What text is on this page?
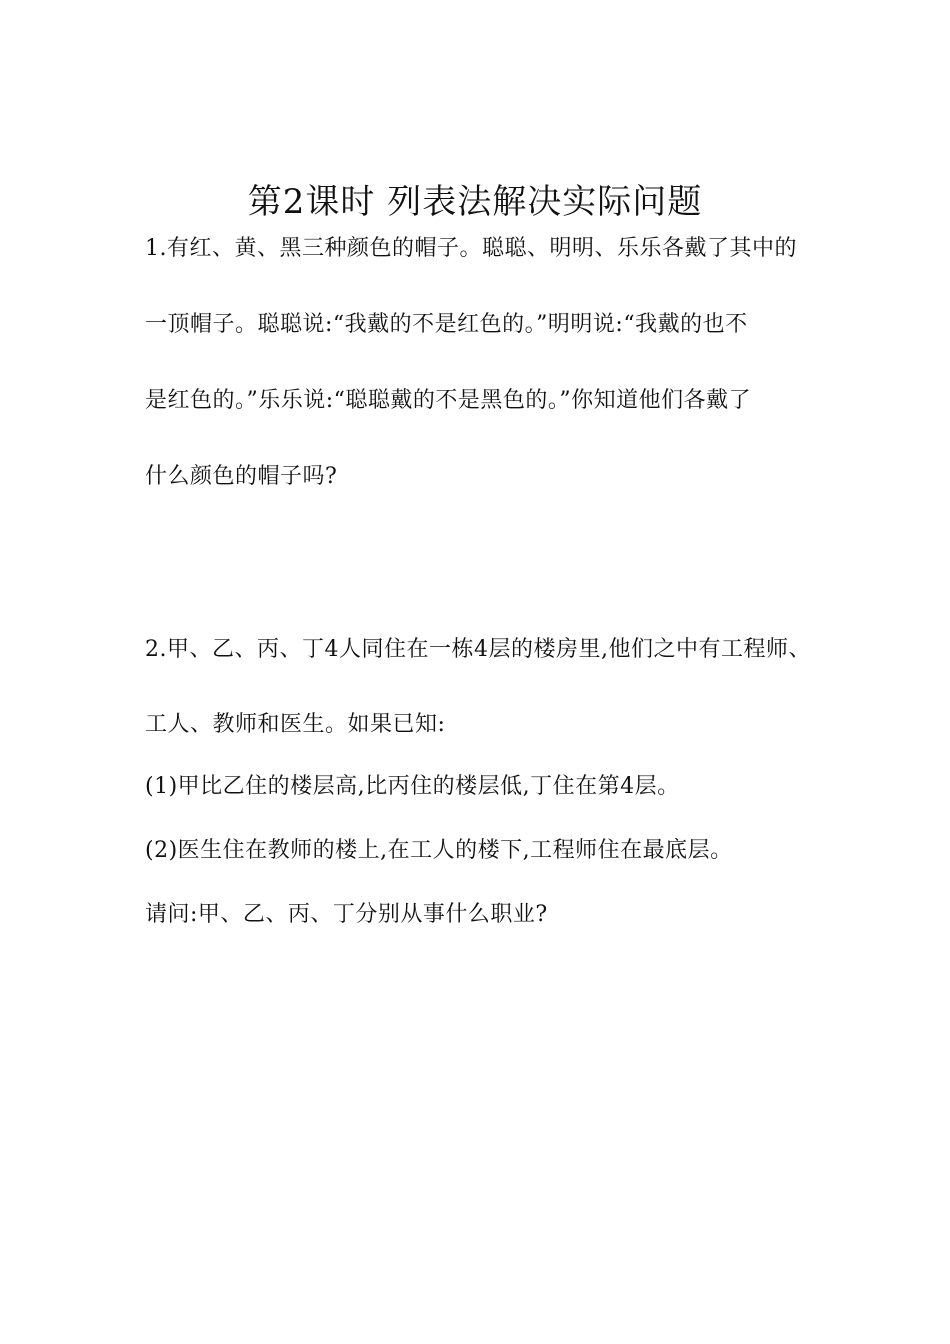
第2课时 列表法解决实际问题
1.有红、黄、黑三种颜色的帽子。聪聪、明明、乐乐各戴了其中的
一顶帽子。聪聪说:“我戴的不是红色的。”明明说:“我戴的也不
是红色的。”乐乐说:“聪聪戴的不是黑色的。”你知道他们各戴了
什么颜色的帽子吗?
2.甲、乙、丙、丁4人同住在一栋4层的楼房里,他们之中有工程师、
工人、教师和医生。如果已知:
(1)甲比乙住的楼层高,比丙住的楼层低,丁住在第4层。
(2)医生住在教师的楼上,在工人的楼下,工程师住在最底层。
请问:甲、乙、丙、丁分别从事什么职业?
